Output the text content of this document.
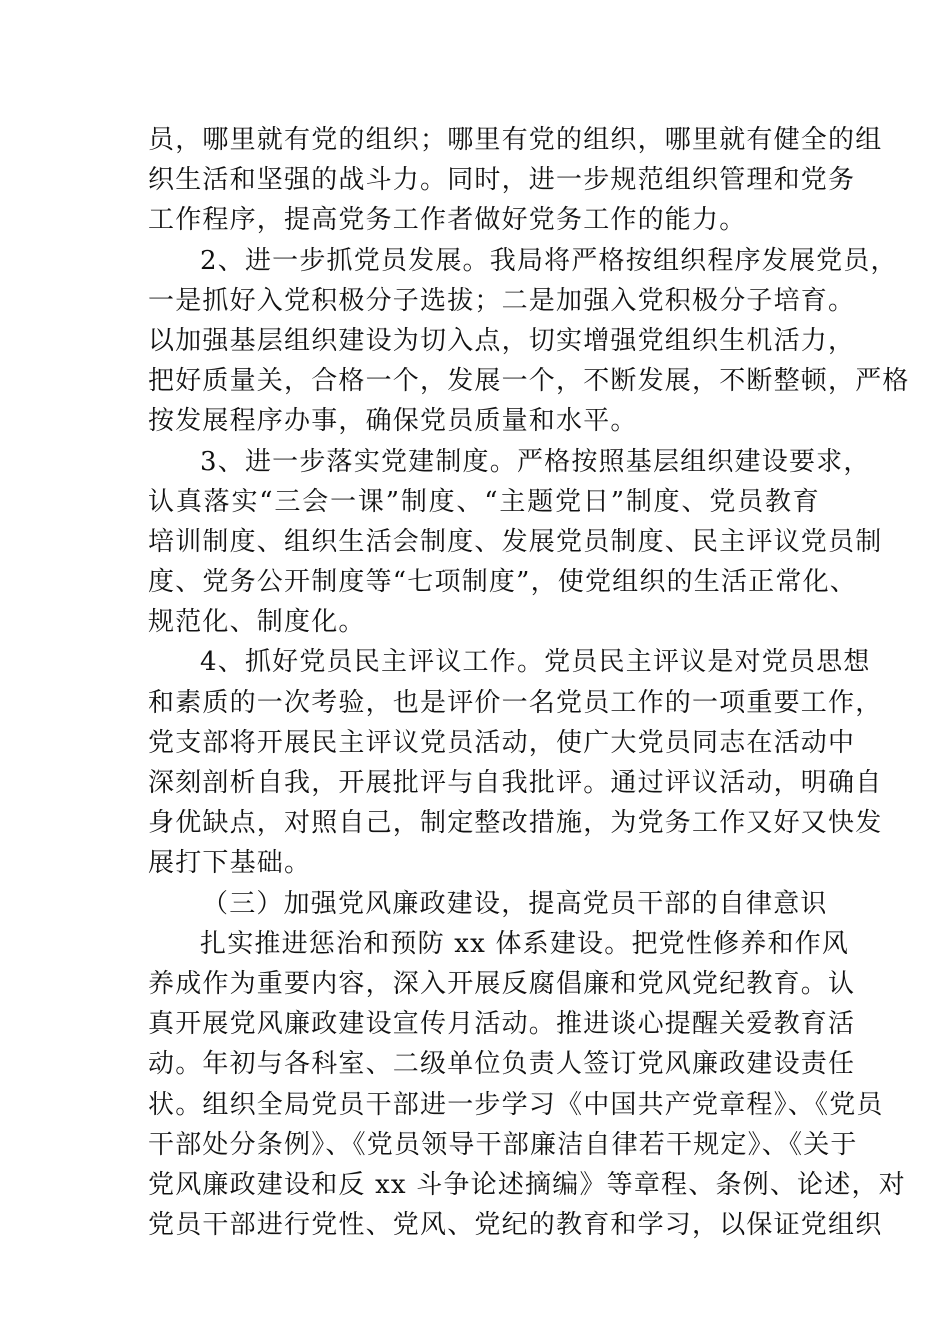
员，哪里就有党的组织；哪里有党的组织，哪里就有健全的组
织生活和坚强的战斗力。同时，进一步规范组织管理和党务
工作程序，提高党务工作者做好党务工作的能力。
2、进一步抓党员发展。我局将严格按组织程序发展党员，
一是抓好入党积极分子选拔；二是加强入党积极分子培育。
以加强基层组织建设为切入点，切实增强党组织生机活力，
把好质量关，合格一个，发展一个，不断发展，不断整顿，严格
按发展程序办事，确保党员质量和水平。
3、进一步落实党建制度。严格按照基层组织建设要求，
认真落实“三会一课”制度、“主题党日”制度、党员教育
培训制度、组织生活会制度、发展党员制度、民主评议党员制
度、党务公开制度等“七项制度”，使党组织的生活正常化、
规范化、制度化。
4、抓好党员民主评议工作。党员民主评议是对党员思想
和素质的一次考验，也是评价一名党员工作的一项重要工作，
党支部将开展民主评议党员活动，使广大党员同志在活动中
深刻剖析自我，开展批评与自我批评。通过评议活动，明确自
身优缺点，对照自己，制定整改措施，为党务工作又好又快发
展打下基础。
（三）加强党风廉政建设，提高党员干部的自律意识
扎实推进惩治和预防 xx 体系建设。把党性修养和作风
养成作为重要内容，深入开展反腐倡廉和党风党纪教育。认
真开展党风廉政建设宣传月活动。推进谈心提醒关爱教育活
动。年初与各科室、二级单位负责人签订党风廉政建设责任
状。组织全局党员干部进一步学习《中国共产党章程》、《党员
干部处分条例》、《党员领导干部廉洁自律若干规定》、《关于
党风廉政建设和反 xx 斗争论述摘编》等章程、条例、论述，对
党员干部进行党性、党风、党纪的教育和学习，以保证党组织
